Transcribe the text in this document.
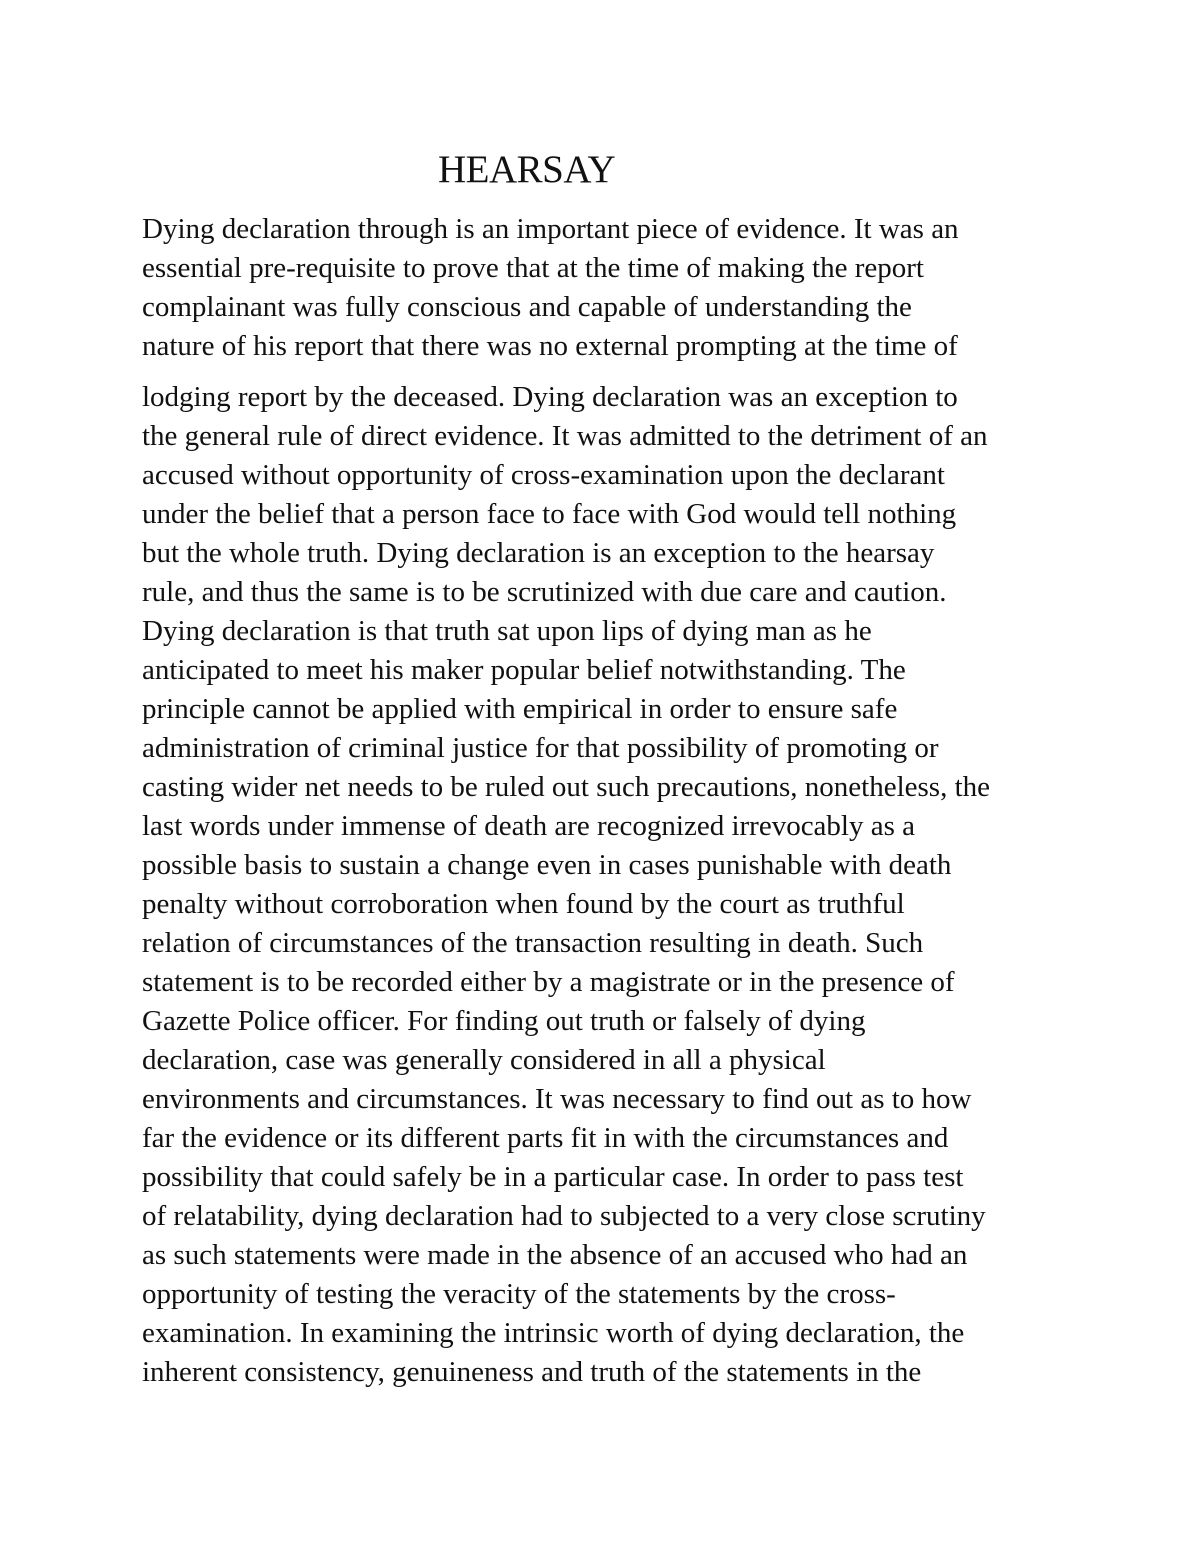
HEARSAY
Dying declaration through is an important piece of evidence. It was an
essential pre-requisite to prove that at the time of making the report
complainant was fully conscious and capable of understanding the
nature of his report that there was no external prompting at the time of
lodging report by the deceased. Dying declaration was an exception to
the general rule of direct evidence. It was admitted to the detriment of an
accused without opportunity of cross-examination upon the declarant
under the belief that a person face to face with God would tell nothing
but the whole truth. Dying declaration is an exception to the hearsay
rule, and thus the same is to be scrutinized with due care and caution.
Dying declaration is that truth sat upon lips of dying man as he
anticipated to meet his maker popular belief notwithstanding. The
principle cannot be applied with empirical in order to ensure safe
administration of criminal justice for that possibility of promoting or
casting wider net needs to be ruled out such precautions, nonetheless, the
last words under immense of death are recognized irrevocably as a
possible basis to sustain a change even in cases punishable with death
penalty without corroboration when found by the court as truthful
relation of circumstances of the transaction resulting in death. Such
statement is to be recorded either by a magistrate or in the presence of
Gazette Police officer. For finding out truth or falsely of dying
declaration, case was generally considered in all a physical
environments and circumstances. It was necessary to find out as to how
far the evidence or its different parts fit in with the circumstances and
possibility that could safely be in a particular case. In order to pass test
of relatability, dying declaration had to subjected to a very close scrutiny
as such statements were made in the absence of an accused who had an
opportunity of testing the veracity of the statements by the cross-
examination. In examining the intrinsic worth of dying declaration, the
inherent consistency, genuineness and truth of the statements in the
